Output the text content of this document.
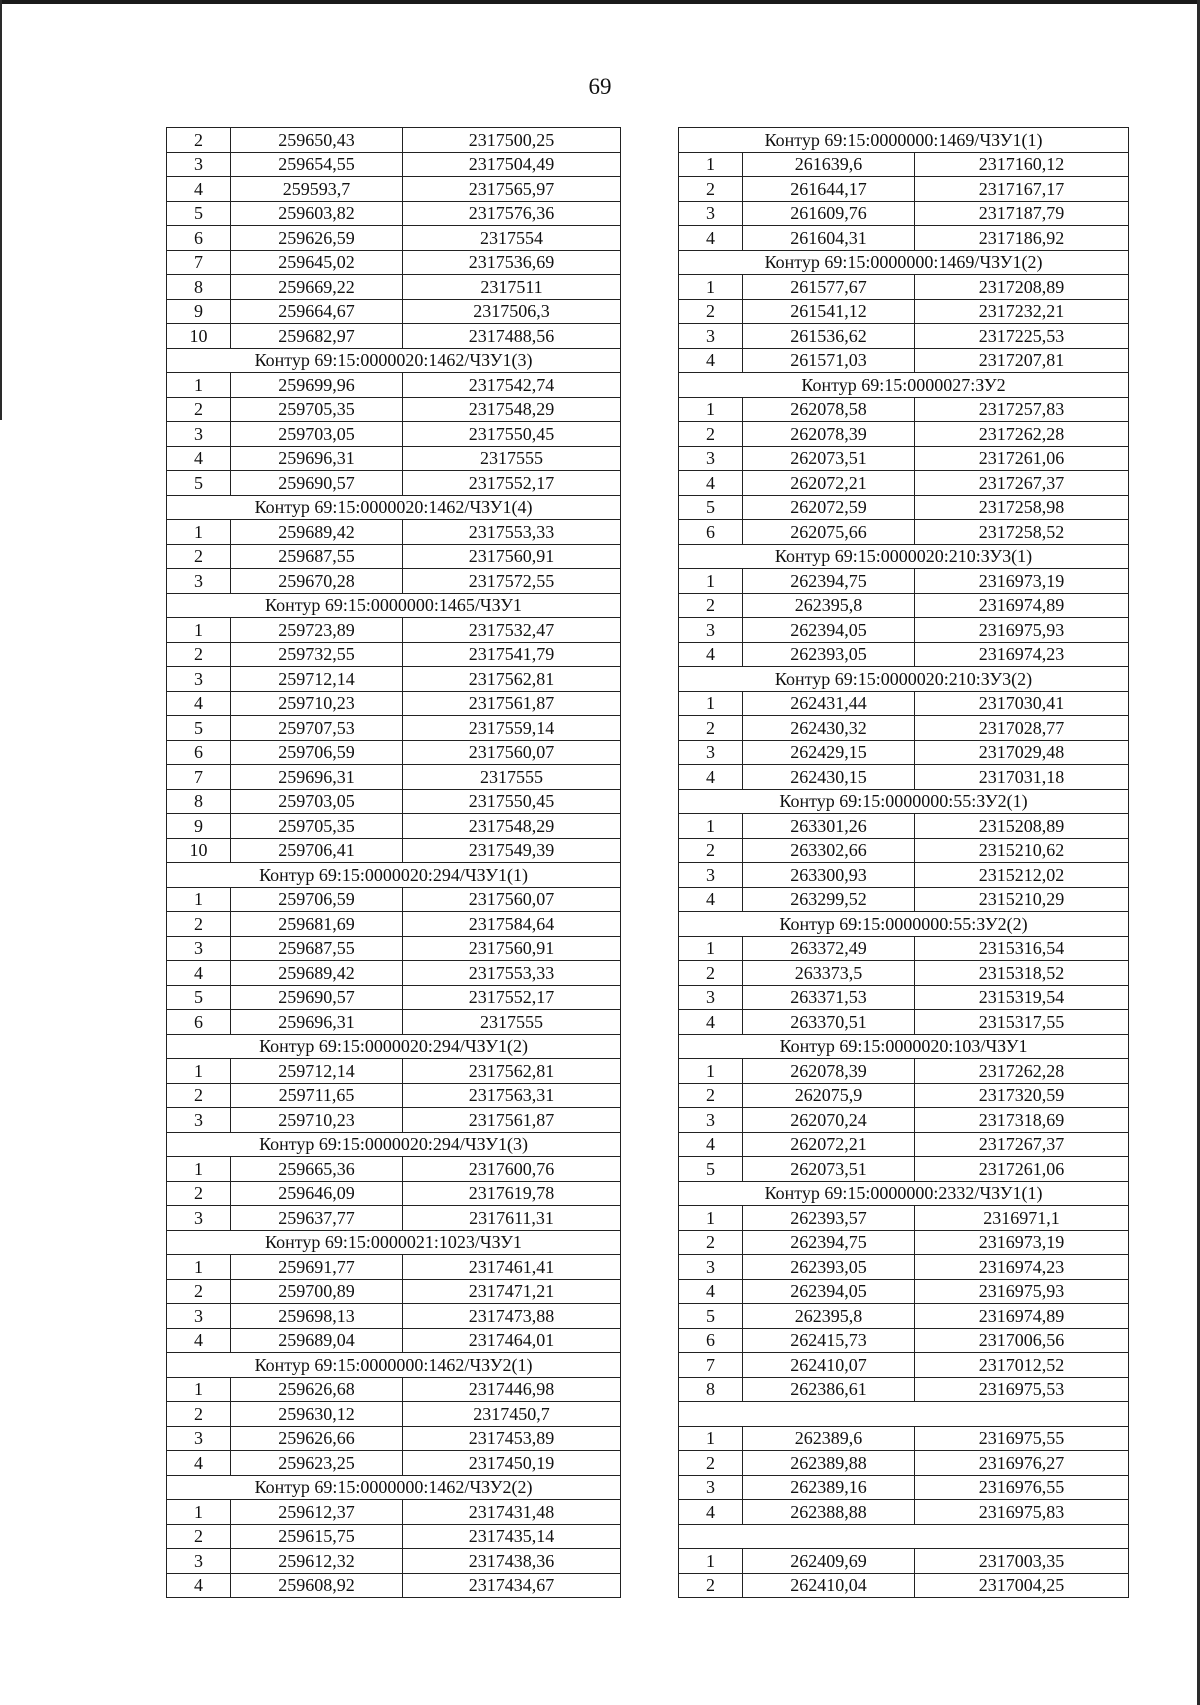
69
2	259650,43	2317500,25
3	259654,55	2317504,49
4	259593,7	2317565,97
5	259603,82	2317576,36
6	259626,59	2317554
7	259645,02	2317536,69
8	259669,22	2317511
9	259664,67	2317506,3
10	259682,97	2317488,56
Контур 69:15:0000020:1462/ЧЗУ1(3)		
1	259699,96	2317542,74
2	259705,35	2317548,29
3	259703,05	2317550,45
4	259696,31	2317555
5	259690,57	2317552,17
Контур 69:15:0000020:1462/ЧЗУ1(4)		
1	259689,42	2317553,33
2	259687,55	2317560,91
3	259670,28	2317572,55
Контур 69:15:0000000:1465/ЧЗУ1		
1	259723,89	2317532,47
2	259732,55	2317541,79
3	259712,14	2317562,81
4	259710,23	2317561,87
5	259707,53	2317559,14
6	259706,59	2317560,07
7	259696,31	2317555
8	259703,05	2317550,45
9	259705,35	2317548,29
10	259706,41	2317549,39
Контур 69:15:0000020:294/ЧЗУ1(1)		
1	259706,59	2317560,07
2	259681,69	2317584,64
3	259687,55	2317560,91
4	259689,42	2317553,33
5	259690,57	2317552,17
6	259696,31	2317555
Контур 69:15:0000020:294/ЧЗУ1(2)		
1	259712,14	2317562,81
2	259711,65	2317563,31
3	259710,23	2317561,87
Контур 69:15:0000020:294/ЧЗУ1(3)		
1	259665,36	2317600,76
2	259646,09	2317619,78
3	259637,77	2317611,31
Контур 69:15:0000021:1023/ЧЗУ1		
1	259691,77	2317461,41
2	259700,89	2317471,21
3	259698,13	2317473,88
4	259689,04	2317464,01
Контур 69:15:0000000:1462/ЧЗУ2(1)		
1	259626,68	2317446,98
2	259630,12	2317450,7
3	259626,66	2317453,89
4	259623,25	2317450,19
Контур 69:15:0000000:1462/ЧЗУ2(2)		
1	259612,37	2317431,48
2	259615,75	2317435,14
3	259612,32	2317438,36
4	259608,92	2317434,67
Контур 69:15:0000000:1469/ЧЗУ1(1)		
1	261639,6	2317160,12
2	261644,17	2317167,17
3	261609,76	2317187,79
4	261604,31	2317186,92
Контур 69:15:0000000:1469/ЧЗУ1(2)		
1	261577,67	2317208,89
2	261541,12	2317232,21
3	261536,62	2317225,53
4	261571,03	2317207,81
Контур 69:15:0000027:ЗУ2		
1	262078,58	2317257,83
2	262078,39	2317262,28
3	262073,51	2317261,06
4	262072,21	2317267,37
5	262072,59	2317258,98
6	262075,66	2317258,52
Контур 69:15:0000020:210:ЗУ3(1)		
1	262394,75	2316973,19
2	262395,8	2316974,89
3	262394,05	2316975,93
4	262393,05	2316974,23
Контур 69:15:0000020:210:ЗУ3(2)		
1	262431,44	2317030,41
2	262430,32	2317028,77
3	262429,15	2317029,48
4	262430,15	2317031,18
Контур 69:15:0000000:55:ЗУ2(1)		
1	263301,26	2315208,89
2	263302,66	2315210,62
3	263300,93	2315212,02
4	263299,52	2315210,29
Контур 69:15:0000000:55:ЗУ2(2)		
1	263372,49	2315316,54
2	263373,5	2315318,52
3	263371,53	2315319,54
4	263370,51	2315317,55
Контур 69:15:0000020:103/ЧЗУ1		
1	262078,39	2317262,28
2	262075,9	2317320,59
3	262070,24	2317318,69
4	262072,21	2317267,37
5	262073,51	2317261,06
Контур 69:15:0000000:2332/ЧЗУ1(1)		
1	262393,57	2316971,1
2	262394,75	2316973,19
3	262393,05	2316974,23
4	262394,05	2316975,93
5	262395,8	2316974,89
6	262415,73	2317006,56
7	262410,07	2317012,52
8	262386,61	2316975,53

1	262389,6	2316975,55
2	262389,88	2316976,27
3	262389,16	2316976,55
4	262388,88	2316975,83

1	262409,69	2317003,35
2	262410,04	2317004,25
